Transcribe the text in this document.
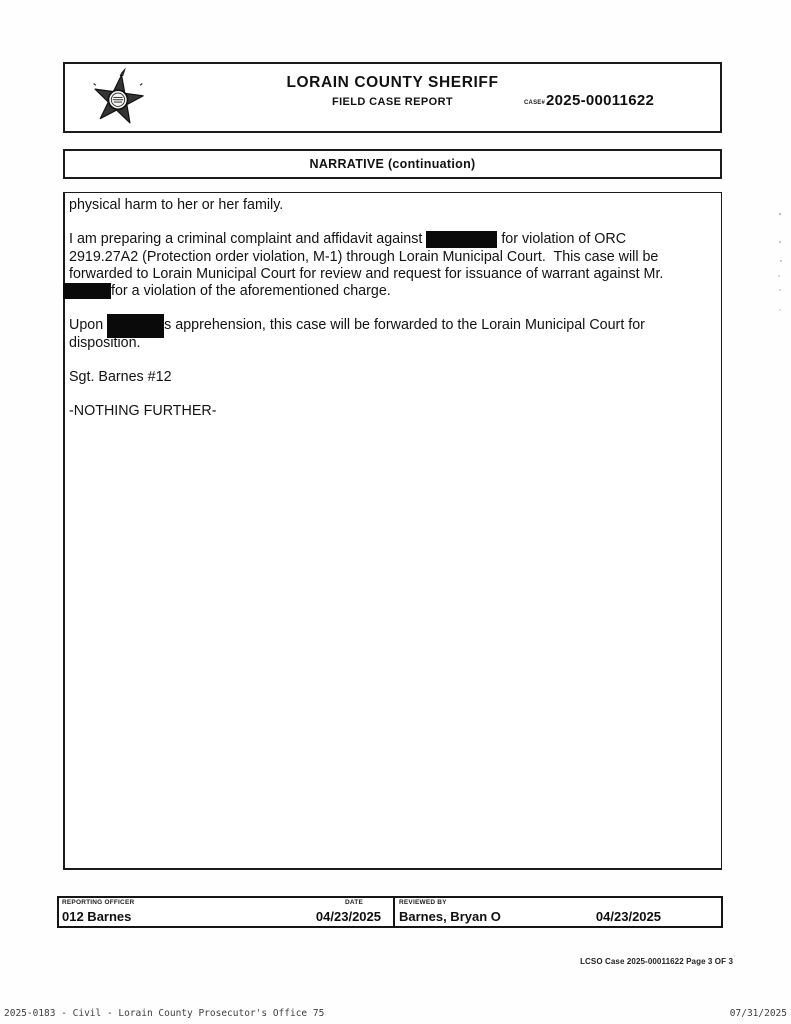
LORAIN COUNTY SHERIFF
FIELD CASE REPORT	CASE# 2025-00011622
NARRATIVE (continuation)
physical harm to her or her family.
I am preparing a criminal complaint and affidavit against	for violation of ORC
2919.27A2 (Protection order violation, M-1) through Lorain Municipal Court.  This case will be
forwarded to Lorain Municipal Court for review and request for issuance of warrant against Mr.
for a violation of the aforementioned charge.
Upon	s apprehension, this case will be forwarded to the Lorain Municipal Court for
disposition.
Sgt. Barnes #12
-NOTHING FURTHER-
REPORTING OFFICER	DATE
012 Barnes	04/23/2025
REVIEWED BY
Barnes, Bryan O	04/23/2025
LCSO Case 2025-00011622 Page 3 OF 3
2025-0183 - Civil - Lorain County Prosecutor's Office 75	07/31/2025
